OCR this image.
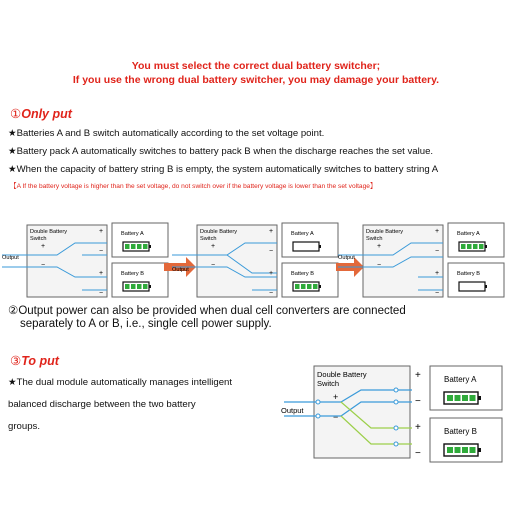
You must select the correct dual battery switcher;
If you use the wrong dual battery switcher, you may damage your battery.
①Only put
★Batteries A and B switch automatically according to the set voltage point.
★Battery pack A automatically switches to battery pack B when the discharge reaches the set value.
★When the capacity of battery string B is empty, the system automatically switches to battery string A
【A If the battery voltage is higher than the set voltage, do not switch over if the battery voltage is lower than the set voltage】
Double Battery
Switch
+
−
Output
+
−
+
−
Battery A
Battery B
Double Battery
Switch
+
−
Output
+
−
+
−
Battery A
Battery B
Double Battery
Switch
+
−
Output
+
−
+
−
Battery A
Battery B
②Output power can also be provided when dual cell converters are connected
separately to A or B, i.e., single cell power supply.
③To put
★The dual module automatically manages intelligent
balanced discharge between the two battery
groups.
Output
Double Battery
Switch
+
−
+
−
+
−
Battery A
Battery B
